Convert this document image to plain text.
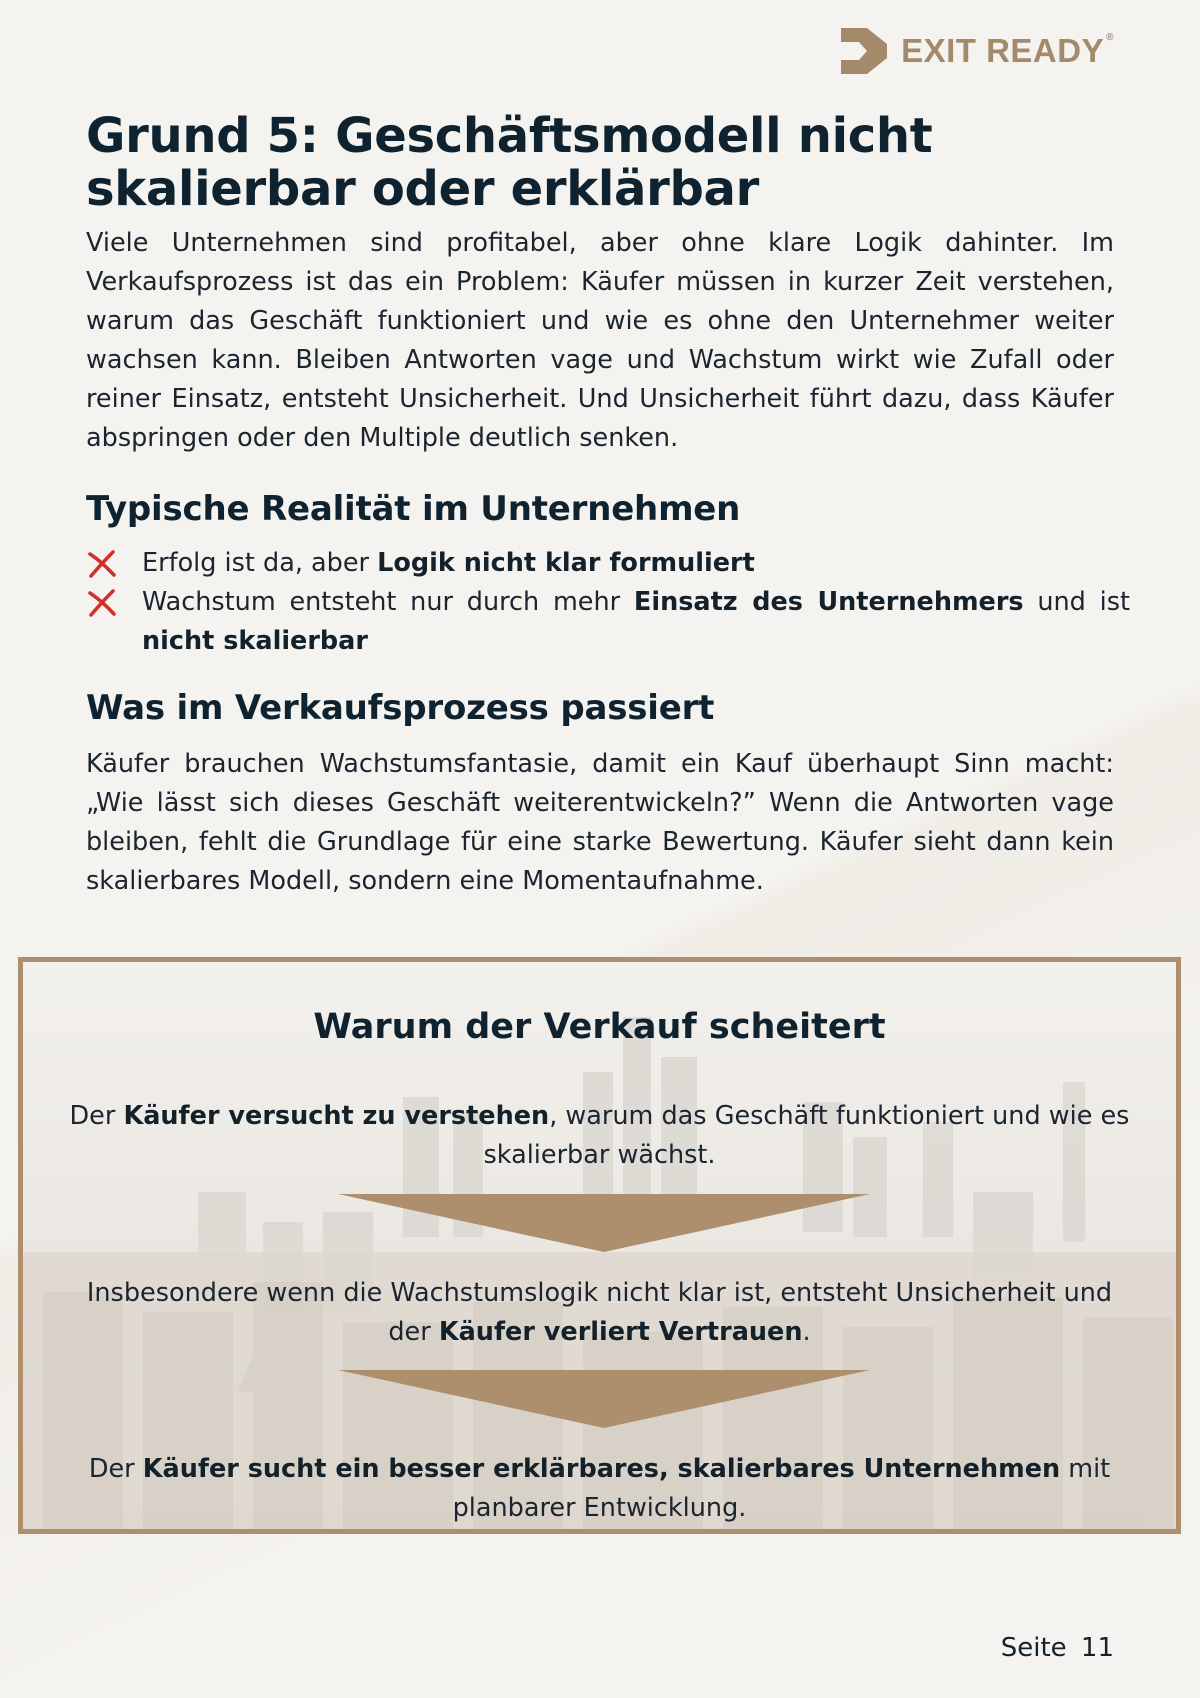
EXIT READY ®
Grund 5: Geschäftsmodell nicht
skalierbar oder erklärbar

Viele Unternehmen sind profitabel, aber ohne klare Logik dahinter. Im Verkaufsprozess ist das ein Problem: Käufer müssen in kurzer Zeit verstehen, warum das Geschäft funktioniert und wie es ohne den Unternehmer weiter wachsen kann. Bleiben Antworten vage und Wachstum wirkt wie Zufall oder reiner Einsatz, entsteht Unsicherheit. Und Unsicherheit führt dazu, dass Käufer abspringen oder den Multiple deutlich senken.

Typische Realität im Unternehmen
Erfolg ist da, aber Logik nicht klar formuliert
Wachstum entsteht nur durch mehr Einsatz des Unternehmers und ist nicht skalierbar
Was im Verkaufsprozess passiert

Käufer brauchen Wachstumsfantasie, damit ein Kauf überhaupt Sinn macht: „Wie lässt sich dieses Geschäft weiterentwickeln?” Wenn die Antworten vage bleiben, fehlt die Grundlage für eine starke Bewertung. Käufer sieht dann kein skalierbares Modell, sondern eine Momentaufnahme.

Warum der Verkauf scheitert
Der Käufer versucht zu verstehen, warum das Geschäft funktioniert und wie es skalierbar wächst.
Insbesondere wenn die Wachstumslogik nicht klar ist, entsteht Unsicherheit und der Käufer verliert Vertrauen.
Der Käufer sucht ein besser erklärbares, skalierbares Unternehmen mit planbarer Entwicklung.
Seite 11
